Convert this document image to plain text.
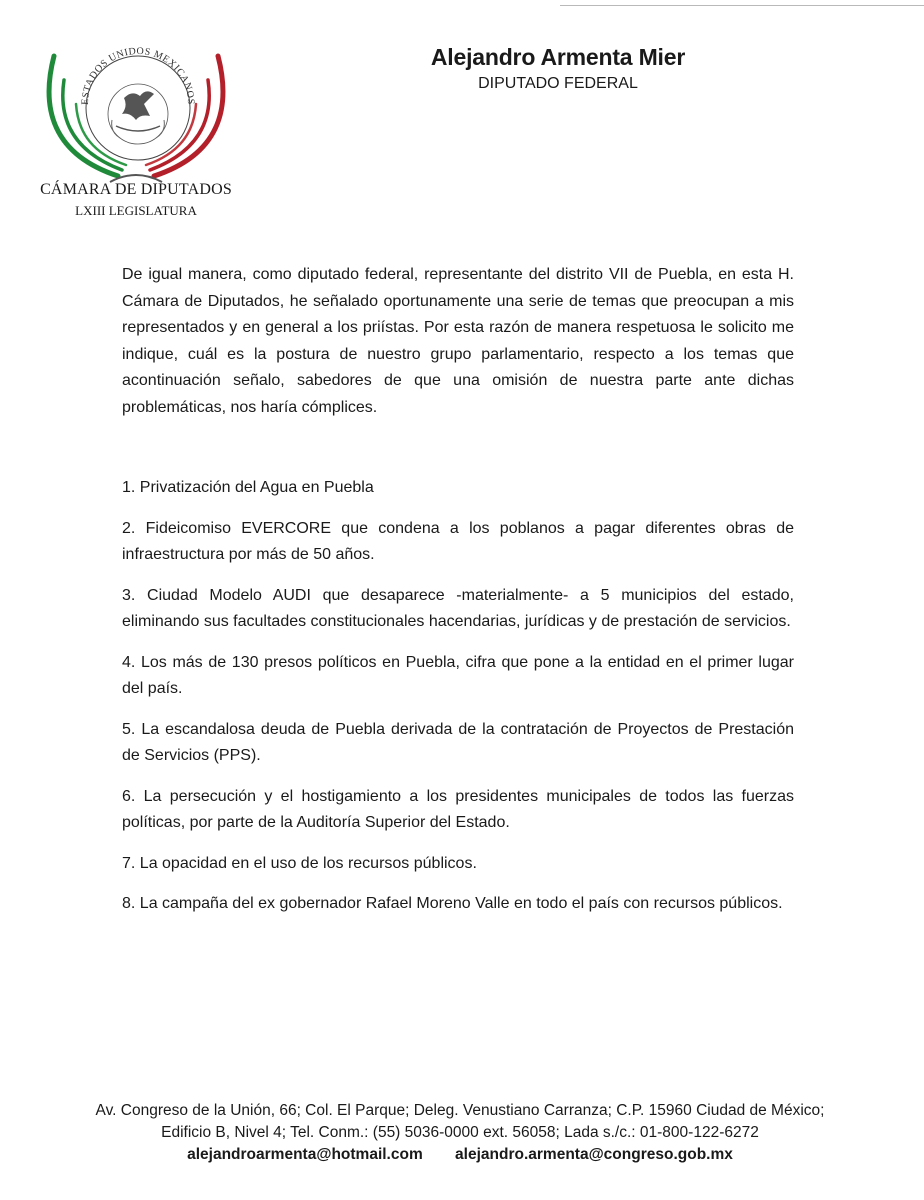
ESTADOS UNIDOS MEXICANOS
CÁMARA DE DIPUTADOS
LXIII LEGISLATURA
Alejandro Armenta Mier
DIPUTADO FEDERAL

De igual manera, como diputado federal, representante del distrito VII de Puebla, en esta H. Cámara de Diputados, he señalado oportunamente una serie de temas que preocupan a mis representados y en general a los priístas. Por esta razón de manera respetuosa le solicito me indique, cuál es la postura de nuestro grupo parlamentario, respecto a los temas que acontinuación señalo, sabedores de que una omisión de nuestra parte ante dichas problemáticas, nos haría cómplices.

1. Privatización del Agua en Puebla
2. Fideicomiso EVERCORE que condena a los poblanos a pagar diferentes obras de infraestructura por más de 50 años.
3. Ciudad Modelo AUDI que desaparece -materialmente- a 5 municipios del estado, eliminando sus facultades constitucionales hacendarias, jurídicas y de prestación de servicios.
4. Los más de 130 presos políticos en Puebla, cifra que pone a la entidad en el primer lugar del país.
5. La escandalosa deuda de Puebla derivada de la contratación de Proyectos de Prestación de Servicios (PPS).
6. La persecución y el hostigamiento a los presidentes municipales de todos las fuerzas políticas, por parte de la Auditoría Superior del Estado.
7. La opacidad en el uso de los recursos públicos.
8. La campaña del ex gobernador Rafael Moreno Valle en todo el país con recursos públicos.
Av. Congreso de la Unión, 66; Col. El Parque; Deleg. Venustiano Carranza; C.P. 15960 Ciudad de México;
Edificio B, Nivel 4; Tel. Conm.: (55) 5036-0000 ext. 56058; Lada s./c.: 01-800-122-6272
alejandroarmenta@hotmail.com alejandro.armenta@congreso.gob.mx
